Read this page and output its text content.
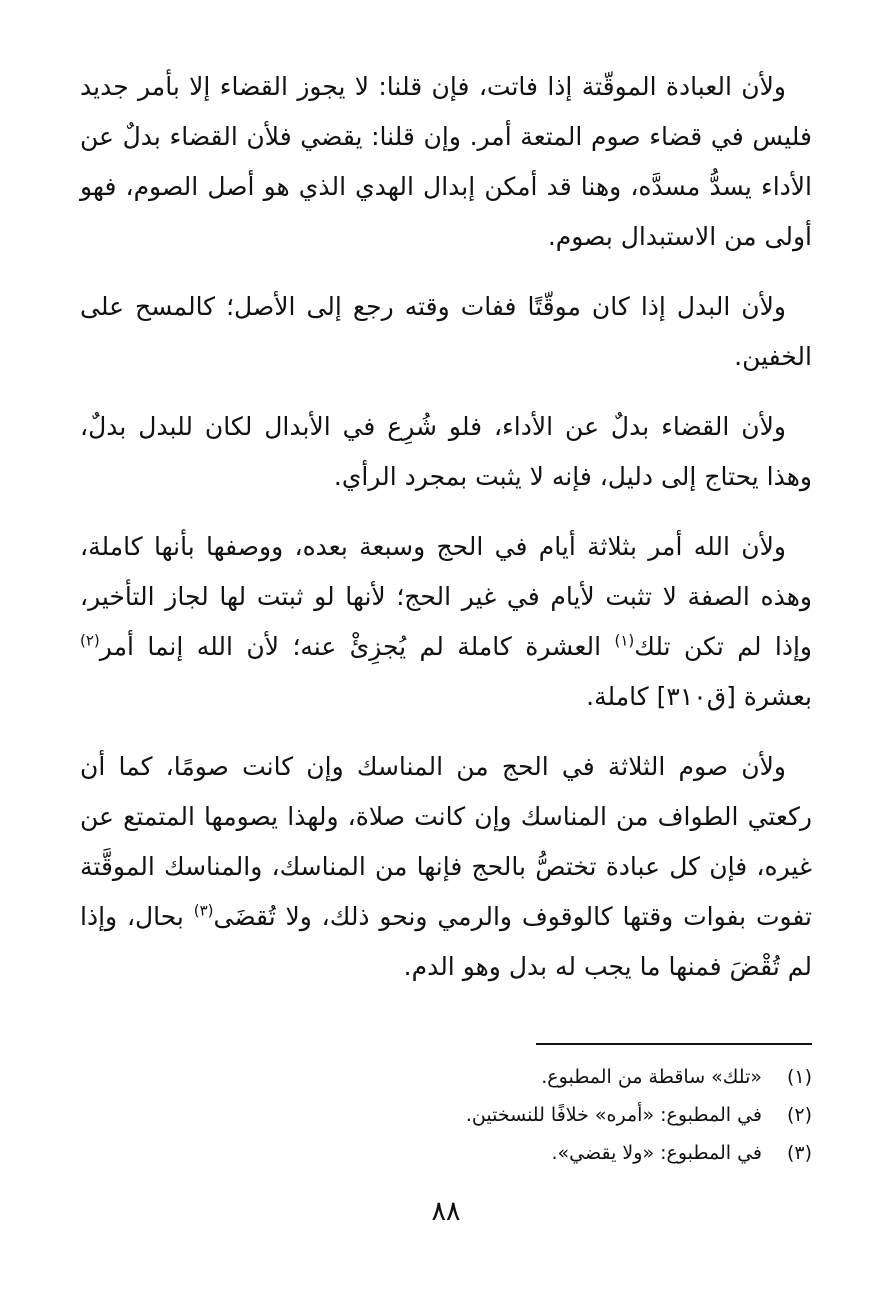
ولأن العبادة الموقّتة إذا فاتت، فإن قلنا: لا يجوز القضاء إلا بأمر جديد فليس في قضاء صوم المتعة أمر. وإن قلنا: يقضي فلأن القضاء بدلٌ عن الأداء يسدُّ مسدَّه، وهنا قد أمكن إبدال الهدي الذي هو أصل الصوم، فهو أولى من الاستبدال بصوم.

ولأن البدل إذا كان موقّتًا ففات وقته رجع إلى الأصل؛ كالمسح على الخفين.

ولأن القضاء بدلٌ عن الأداء، فلو شُرِع في الأبدال لكان للبدل بدلٌ، وهذا يحتاج إلى دليل، فإنه لا يثبت بمجرد الرأي.

ولأن الله أمر بثلاثة أيام في الحج وسبعة بعده، ووصفها بأنها كاملة، وهذه الصفة لا تثبت لأيام في غير الحج؛ لأنها لو ثبتت لها لجاز التأخير، وإذا لم تكن تلك$^{(١)}$ العشرة كاملة لم يُجزِئْ عنه؛ لأن الله إنما أمر$^{(٢)}$ بعشرة [ق٣١٠] كاملة.

ولأن صوم الثلاثة في الحج من المناسك وإن كانت صومًا، كما أن ركعتي الطواف من المناسك وإن كانت صلاة، ولهذا يصومها المتمتع عن غيره، فإن كل عبادة تختصُّ بالحج فإنها من المناسك، والمناسك الموقَّتة تفوت بفوات وقتها كالوقوف والرمي ونحو ذلك، ولا تُقضَى$^{(٣)}$ بحال، وإذا لم تُقْضَ فمنها ما يجب له بدل وهو الدم.

(١)
«تلك» ساقطة من المطبوع.
(٢)
في المطبوع: «أمره» خلافًا للنسختين.
(٣)
في المطبوع: «ولا يقضي».
٨٨
